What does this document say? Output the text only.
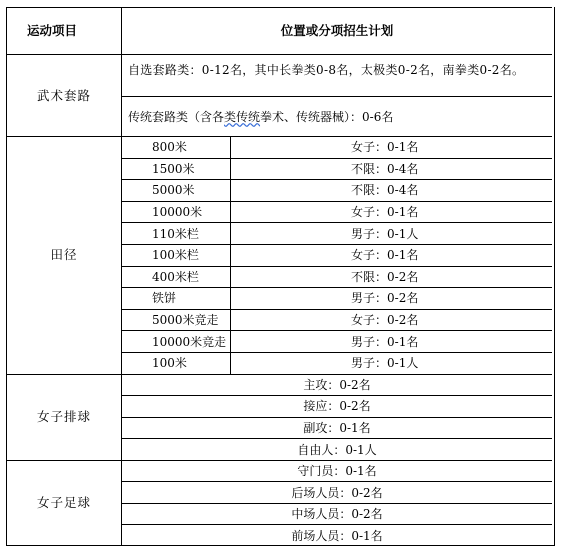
运动项目	位置或分项招生计划
武术套路
自选套路类：0-12名，其中长拳类0-8名，太极类0-2名，南拳类0-2名。
传统套路类（含各 类传统 拳术、传统器械）：0-6名
田径
800米	女子：0-1名
1500米	不限：0-4名
5000米	不限：0-4名
10000米	女子：0-1名
110米栏	男子：0-1人
100米栏	女子：0-1名
400米栏	不限：0-2名
铁饼	男子：0-2名
5000米竞走	女子：0-2名
10000米竞走	男子：0-1名
100米	男子：0-1人
女子排球
主攻：0-2名
接应：0-2名
副攻：0-1名
自由人：0-1人
女子足球
守门员：0-1名
后场人员：0-2名
中场人员：0-2名
前场人员：0-1名
